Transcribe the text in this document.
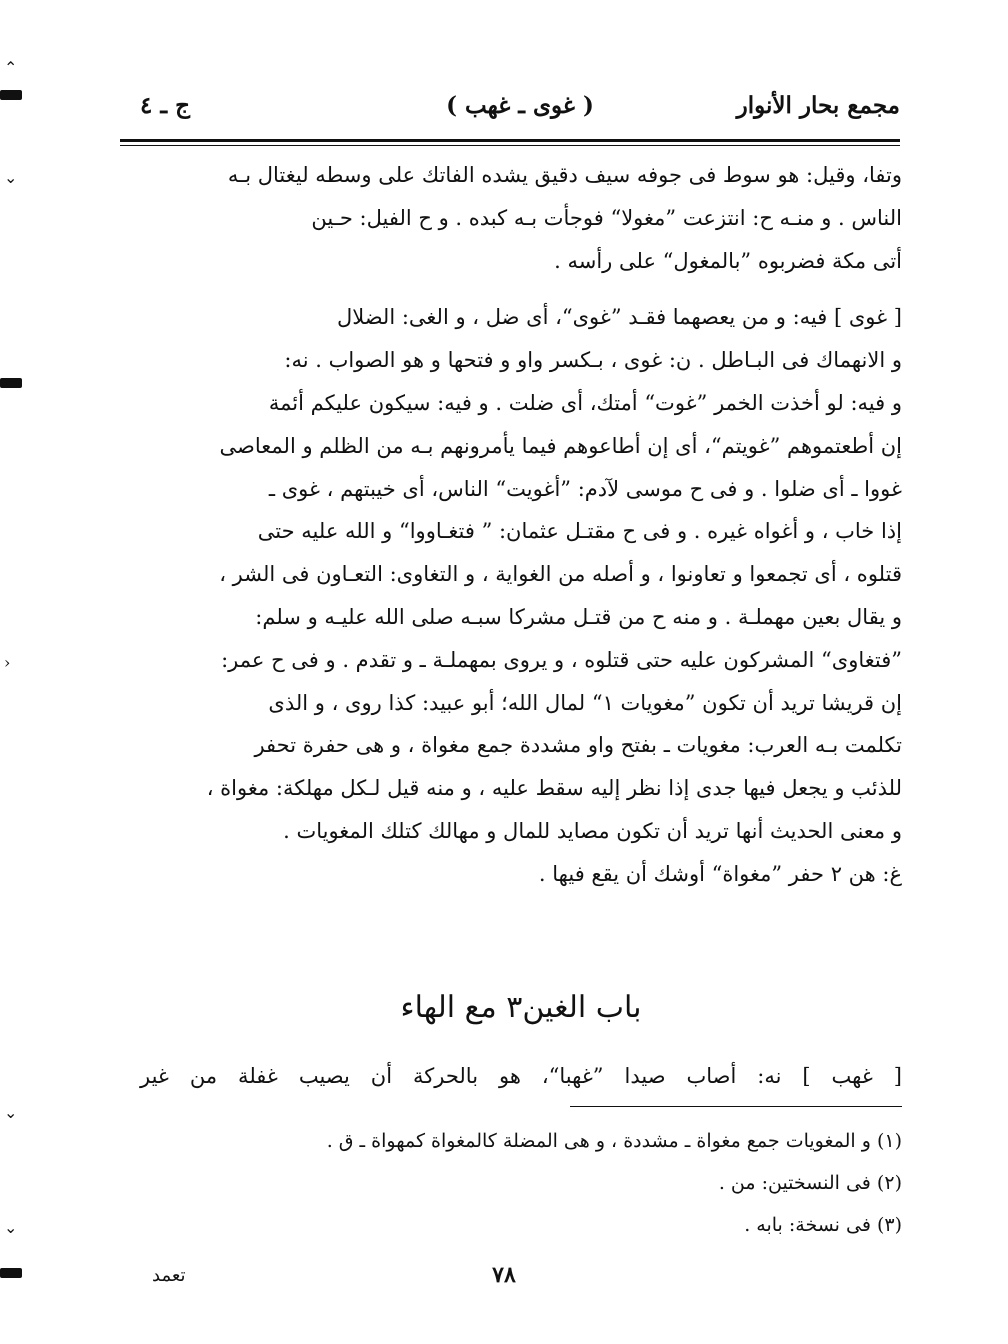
⌃
⌄
›
⌄
⌄
مجمع بحار الأنوار
( غوى ـ غهب )
ج ـ ٤

وتفا، وقيل: هو سوط فى جوفه سيف دقيق يشده الفاتك على وسطه ليغتال بـه

الناس . و منـه ح: انتزعت ”مغولا“ فوجأت بـه كبده . و ح الفيل: حـين

أتى مكة فضربوه ”بالمغول“ على رأسه .

[ غوى ] فيه: و من يعصهما فقـد ”غوى“، أى ضل ، و الغى: الضلال

و الانهماك فى البـاطل . ن: غوى ، بـكسر واو و فتحها و هو الصواب . نه:

و فيه: لو أخذت الخمر ”غوت“ أمتك، أى ضلت . و فيه: سيكون عليكم أئمة

إن أطعتموهم ”غويتم“، أى إن أطاعوهم فيما يأمرونهم بـه من الظلم و المعاصى

غووا ـ أى ضلوا . و فى ح موسى لآدم: ”أغويت“ الناس، أى خيبتهم ، غوى ـ

إذا خاب ، و أغواه غيره . و فى ح مقتـل عثمان: ” فتغـاووا“ و الله عليه حتى

قتلوه ، أى تجمعوا و تعاونوا ، و أصله من الغواية ، و التغاوى: التعـاون فى الشر ،

و يقال بعين مهملـة . و منه ح من قتـل مشركا سبـه صلى الله عليـه و سلم:

”فتغاوى“ المشركون عليه حتى قتلوه ، و يروى بمهملـة ـ و تقدم . و فى ح عمر:

إن قريشا تريد أن تكون ”مغويات ١“ لمال الله؛ أبو عبيد: كذا روى ، و الذى

تكلمت بـه العرب: مغويات ـ بفتح واو مشددة جمع مغواة ، و هى حفرة تحفر

للذئب و يجعل فيها جدى إذا نظر إليه سقط عليه ، و منه قيل لـكل مهلكة: مغواة ،

و معنى الحديث أنها تريد أن تكون مصايد للمال و مهالك كتلك المغويات .

غ: هن ٢ حفر ”مغواة“ أوشك أن يقع فيها .

باب الغين٣ مع الهاء
[ غهب ] نه: أصاب صيدا ”غهبا“، هو بالحركة أن يصيب غفلة من غير
(١) و المغويات جمع مغواة ـ مشددة ، و هى المضلة كالمغواة كمهواة ـ ق .
(٢) فى النسختين: من .
(٣) فى نسخة: بابه .
٧٨
تعمد
